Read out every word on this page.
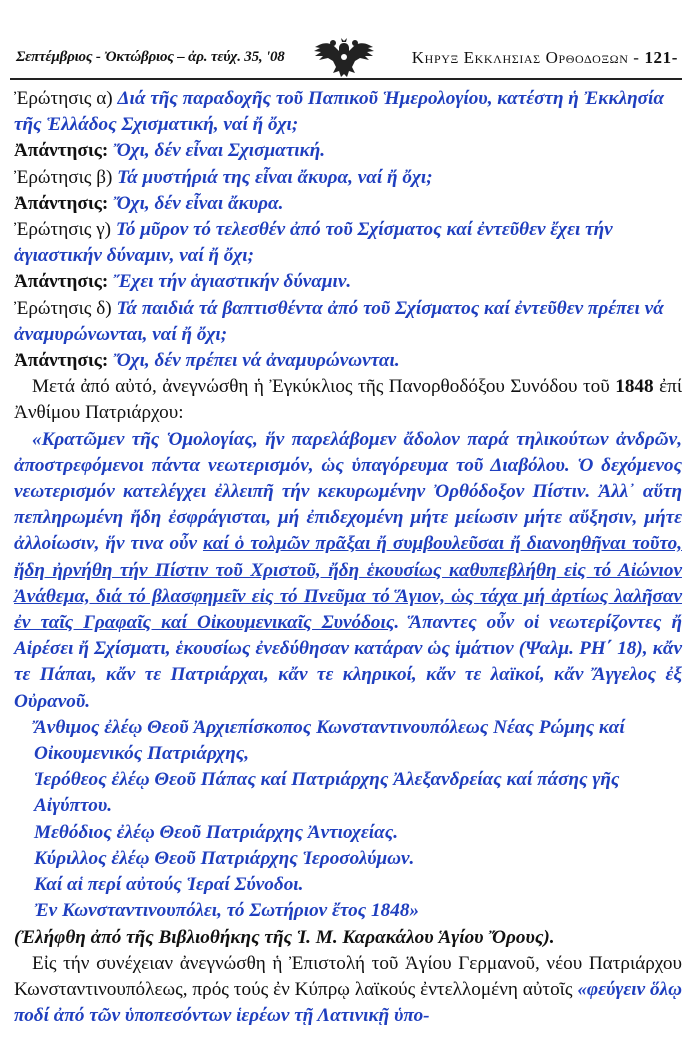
Σεπτέμβριος - Ὀκτώβριος – ἀρ. τεύχ. 35, '08	Κηρυξ Εκκλησιας Ορθοδοξων - 121-

Ἐρώτησις α) Διά τῆς παραδοχῆς τοῦ Παπικοῦ Ἡμερολογίου, κατέστη ἡ Ἐκκλησία τῆς Ἑλλάδος Σχισματική, ναί ἤ ὄχι;

Ἀπάντησις: Ὄχι, δέν εἶναι Σχισματική.

Ἐρώτησις β) Τά μυστήριά της εἶναι ἄκυρα, ναί ἤ ὄχι;

Ἀπάντησις: Ὄχι, δέν εἶναι ἄκυρα.

Ἐρώτησις γ) Τό μῦρον τό τελεσθέν ἀπό τοῦ Σχίσματος καί ἐντεῦθεν ἔχει τήν ἁγιαστικήν δύναμιν, ναί ἤ ὄχι;

Ἀπάντησις: Ἔχει τήν ἁγιαστικήν δύναμιν.

Ἐρώτησις δ) Τά παιδιά τά βαπτισθέντα ἀπό τοῦ Σχίσματος καί ἐντεῦθεν πρέπει νά ἀναμυρώνωνται, ναί ἤ ὄχι;

Ἀπάντησις: Ὄχι, δέν πρέπει νά ἀναμυρώνωνται.

Μετά ἀπό αὐτό, ἀνεγνώσθη ἡ Ἐγκύκλιος τῆς Πανορθοδόξου Συνόδου τοῦ 1848 ἐπί Ἀνθίμου Πατριάρχου:

«Κρατῶμεν τῆς Ὁμολογίας, ἥν παρελάβομεν ἄδολον παρά τηλικούτων ἀνδρῶν, ἀποστρεφόμενοι πάντα νεωτερισμόν, ὡς ὑπαγόρευμα τοῦ Διαβόλου. Ὁ δεχόμενος νεωτερισμόν κατελέγχει ἐλλειπῆ τήν κεκυρωμένην Ὀρθόδοξον Πίστιν. Ἀλλ᾽ αὕτη πεπληρωμένη ἤδη ἐσφράγισται, μή ἐπιδεχομένη μήτε μείωσιν μήτε αὔξησιν, μήτε ἀλλοίωσιν, ἥν τινα οὖν καί ὁ τολμῶν πρᾶξαι ἤ συμβουλεῦσαι ἤ διανοηθῆναι τοῦτο, ἤδη ἠρνήθη τήν Πίστιν τοῦ Χριστοῦ, ἤδη ἑκουσίως καθυπεβλήθη εἰς τό Αἰώνιον Ἀνάθεμα, διά τό βλασφημεῖν εἰς τό Πνεῦμα τό Ἅγιον, ὡς τάχα μή ἀρτίως λαλῆσαν ἐν ταῖς Γραφαῖς καί Οἰκουμενικαῖς Συνόδοις. Ἅπαντες οὖν οἱ νεωτερίζοντες ἤ Αἱρέσει ἤ Σχίσματι, ἑκουσίως ἐνεδύθησαν κατάραν ὡς ἱμάτιον (Ψαλμ. ΡΗ΄ 18), κἄν τε Πάπαι, κἄν τε Πατριάρχαι, κἄν τε κληρικοί, κἄν τε λαϊκοί, κἄν Ἄγγελος ἐξ Οὐρανοῦ.

Ἄνθιμος ἐλέῳ Θεοῦ Ἀρχιεπίσκοπος Κωνσταντινουπόλεως Νέας Ρώμης καί Οἰκουμενικός Πατριάρχης,

Ἱερόθεος ἐλέῳ Θεοῦ Πάπας καί Πατριάρχης Ἀλεξανδρείας καί πάσης γῆς Αἰγύπτου.

Μεθόδιος ἐλέῳ Θεοῦ Πατριάρχης Ἀντιοχείας.

Κύριλλος ἐλέῳ Θεοῦ Πατριάρχης Ἱεροσολύμων.

Καί αἱ περί αὐτούς Ἱεραί Σύνοδοι.

Ἐν Κωνσταντινουπόλει, τό Σωτήριον ἔτος 1848»

(Ἐλήφθη ἀπό τῆς Βιβλιοθήκης τῆς Ἱ. Μ. Καρακάλου Ἁγίου Ὄρους).

Εἰς τήν συνέχειαν ἀνεγνώσθη ἡ Ἐπιστολή τοῦ Ἁγίου Γερμανοῦ, νέου Πατριάρχου Κωνσταντινουπόλεως, πρός τούς ἐν Κύπρῳ λαϊκούς ἐντελλομένη αὐτοῖς «φεύγειν ὅλῳ ποδί ἀπό τῶν ὑποπεσόντων ἱερέων τῇ Λατινικῇ ὑπο-
